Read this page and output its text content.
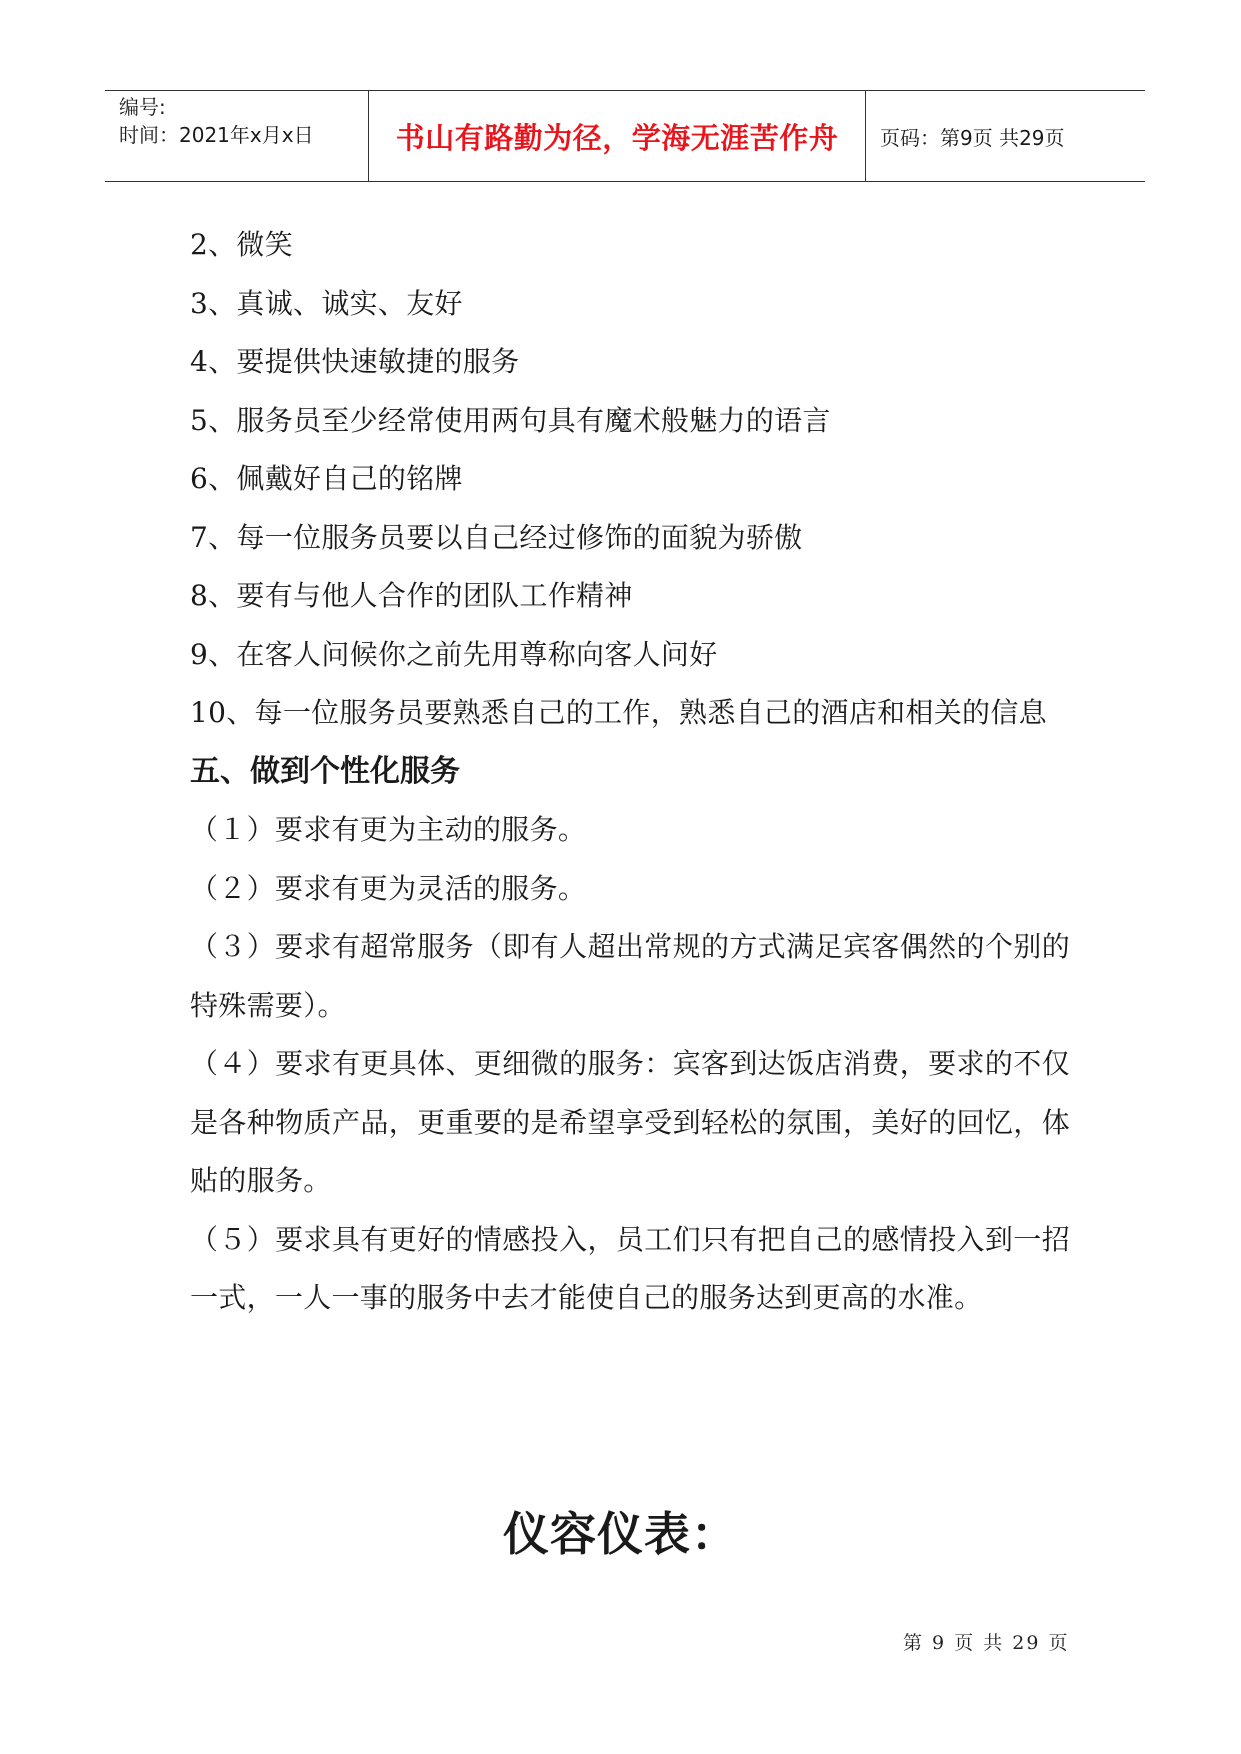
编号:
时间：2021年x月x日	书山有路勤为径，学海无涯苦作舟	页码：第9页 共29页
2、微笑
3、真诚、诚实、友好
4、要提供快速敏捷的服务
5、服务员至少经常使用两句具有魔术般魅力的语言
6、佩戴好自己的铭牌
7、每一位服务员要以自己经过修饰的面貌为骄傲
8、要有与他人合作的团队工作精神
9、在客人问候你之前先用尊称向客人问好
10、每一位服务员要熟悉自己的工作，熟悉自己的酒店和相关的信息
五、做到个性化服务
（１）要求有更为主动的服务。
（２）要求有更为灵活的服务。
（３）要求有超常服务（即有人超出常规的方式满足宾客偶然的个别的特殊需要）。
（４）要求有更具体、更细微的服务：宾客到达饭店消费，要求的不仅是各种物质产品，更重要的是希望享受到轻松的氛围，美好的回忆，体贴的服务。
（５）要求具有更好的情感投入，员工们只有把自己的感情投入到一招一式，一人一事的服务中去才能使自己的服务达到更高的水准。
仪容仪表：
第 9 页 共 29 页
